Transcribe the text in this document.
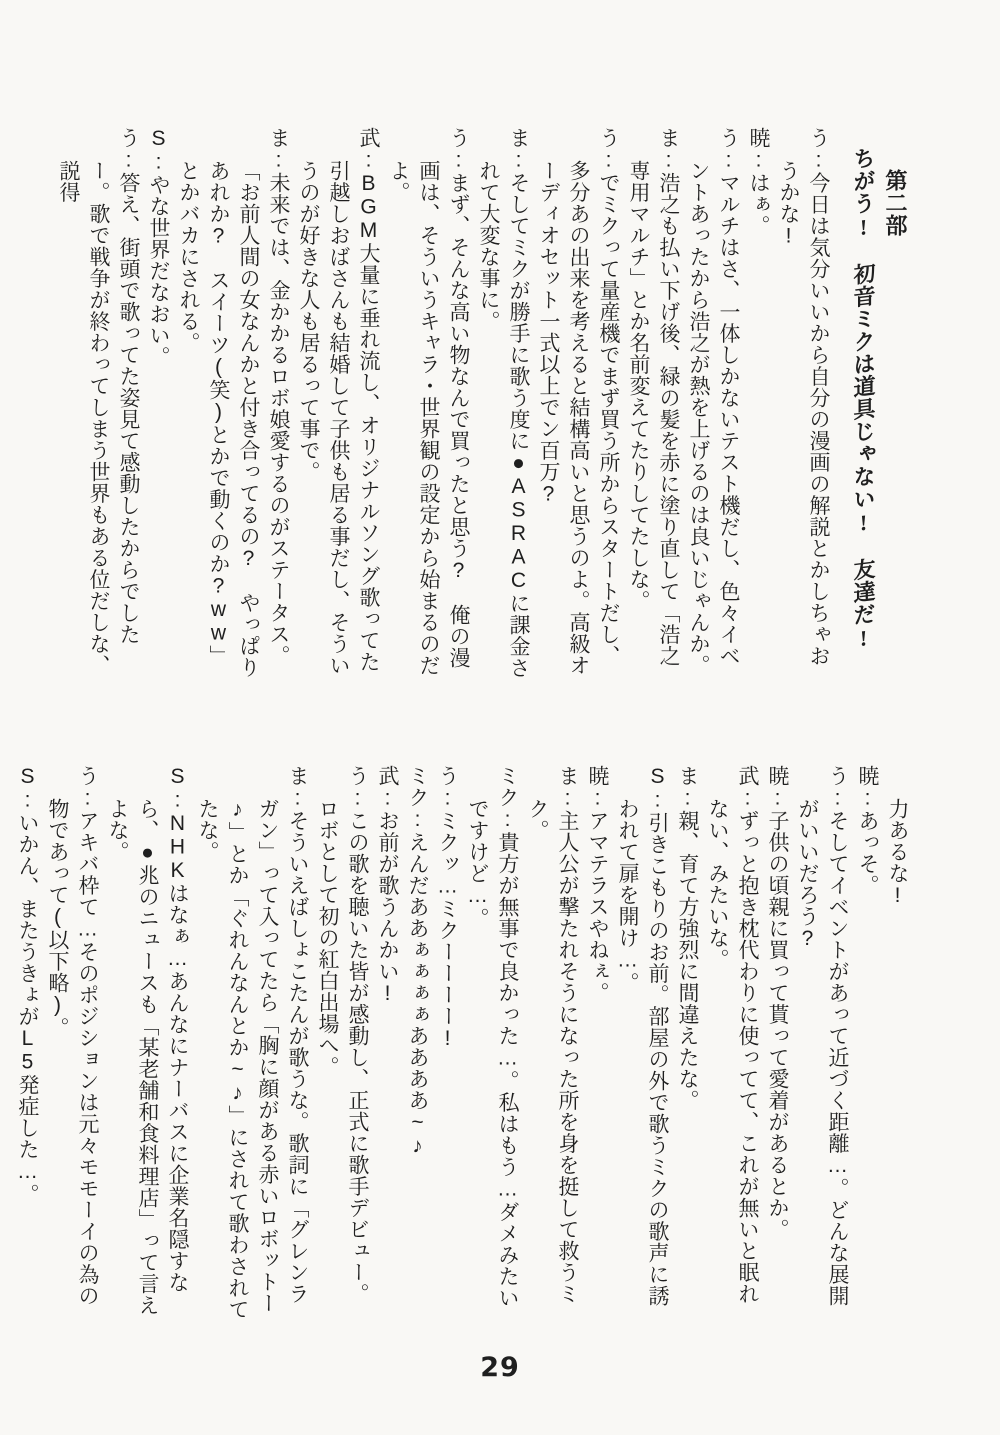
第二部
ちがう!　初音ミクは道具じゃない!　友達だ!

う:今日は気分いいから自分の漫画の解説とかしちゃおうかな!

暁:はぁ。

う:マルチはさ、一体しかないテスト機だし、色々イベントあったから浩之が熱を上げるのは良いじゃんか。

ま:浩之も払い下げ後、緑の髪を赤に塗り直して「浩之専用マルチ」とか名前変えてたりしてたしな。

う:でミクって量産機でまず買う所からスタートだし、多分あの出来を考えると結構高いと思うのよ。高級オーディオセット一式以上でン百万?

ま:そしてミクが勝手に歌う度に●ASRACに課金されて大変な事に。

う:まず、そんな高い物なんで買ったと思う?　俺の漫画は、そういうキャラ・世界観の設定から始まるのだよ。

武:BGM大量に垂れ流し、オリジナルソング歌ってた引越しおばさんも結婚して子供も居る事だし、そういうのが好きな人も居るって事で。

ま:未来では、金かかるロボ娘愛するのがステータス。「お前人間の女なんかと付き合ってるの?　やっぱりあれか?　スイーツ(笑)とかで動くのか?ww」とかバカにされる。

S:やな世界だなおい。

う:答え、街頭で歌ってた姿見て感動したからでしたー。歌で戦争が終わってしまう世界もある位だしな、説得

力あるな!

暁:あっそ。

う:そしてイベントがあって近づく距離…。どんな展開がいいだろう?

暁:子供の頃親に買って貰って愛着があるとか。

武:ずっと抱き枕代わりに使ってて、これが無いと眠れない、みたいな。

ま:親、育て方強烈に間違えたな。

S:引きこもりのお前。部屋の外で歌うミクの歌声に誘われて扉を開け…。

暁:アマテラスやねぇ。

ま:主人公が撃たれそうになった所を身を挺して救うミク。

ミク:貴方が無事で良かった…。私はもう…ダメみたいですけど…。

う:ミクッ…ミクーーーー!

ミク:えんだああぁぁぁぁああああ~♪

武:お前が歌うんかい!

う:この歌を聴いた皆が感動し、正式に歌手デビュー。ロボとして初の紅白出場へ。

ま:そういえばしょこたんが歌うな。歌詞に「グレンラガン」って入ってたら「胸に顔がある赤いロボットー♪」とか「ぐれんなんとか~♪」にされて歌わされてたな。

S:NHKはなぁ…あんなにナーバスに企業名隠すなら、●兆のニュースも「某老舗和食料理店」って言えよな。

う:アキバ枠て…そのポジションは元々モモーイの為の物であって(以下略)。

S:いかん、またうきょがL5発症した…。

29
